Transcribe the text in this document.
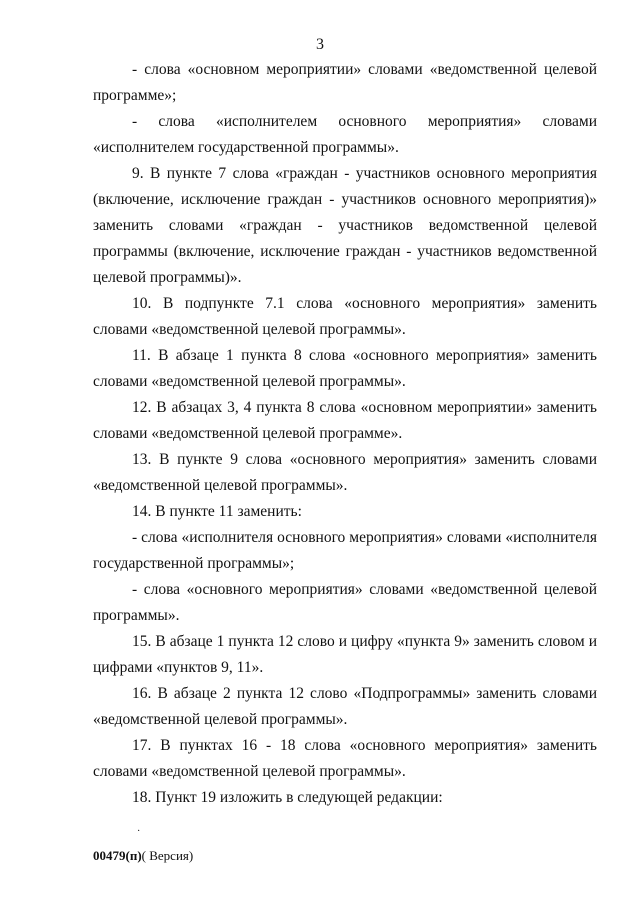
3

- слова «основном мероприятии» словами «ведомственной целевой программе»;

- слова «исполнителем основного мероприятия» словами «исполнителем государственной программы».

9. В пункте 7 слова «граждан - участников основного мероприятия (включение, исключение граждан - участников основного мероприятия)» заменить словами «граждан - участников ведомственной целевой программы (включение, исключение граждан - участников ведомственной целевой программы)».

10. В подпункте 7.1 слова «основного мероприятия» заменить словами «ведомственной целевой программы».

11. В абзаце 1 пункта 8 слова «основного мероприятия» заменить словами «ведомственной целевой программы».

12. В абзацах 3, 4 пункта 8 слова «основном мероприятии» заменить словами «ведомственной целевой программе».

13. В пункте 9 слова «основного мероприятия» заменить словами «ведомственной целевой программы».

14. В пункте 11 заменить:

- слова «исполнителя основного мероприятия» словами «исполнителя государственной программы»;

- слова «основного мероприятия» словами «ведомственной целевой программы».

15. В абзаце 1 пункта 12 слово и цифру «пункта 9» заменить словом и цифрами «пунктов 9, 11».

16. В абзаце 2 пункта 12 слово «Подпрограммы» заменить словами «ведомственной целевой программы».

17. В пунктах 16 - 18 слова «основного мероприятия» заменить словами «ведомственной целевой программы».

18. Пункт 19 изложить в следующей редакции:

·
00479(п)( Версия)
